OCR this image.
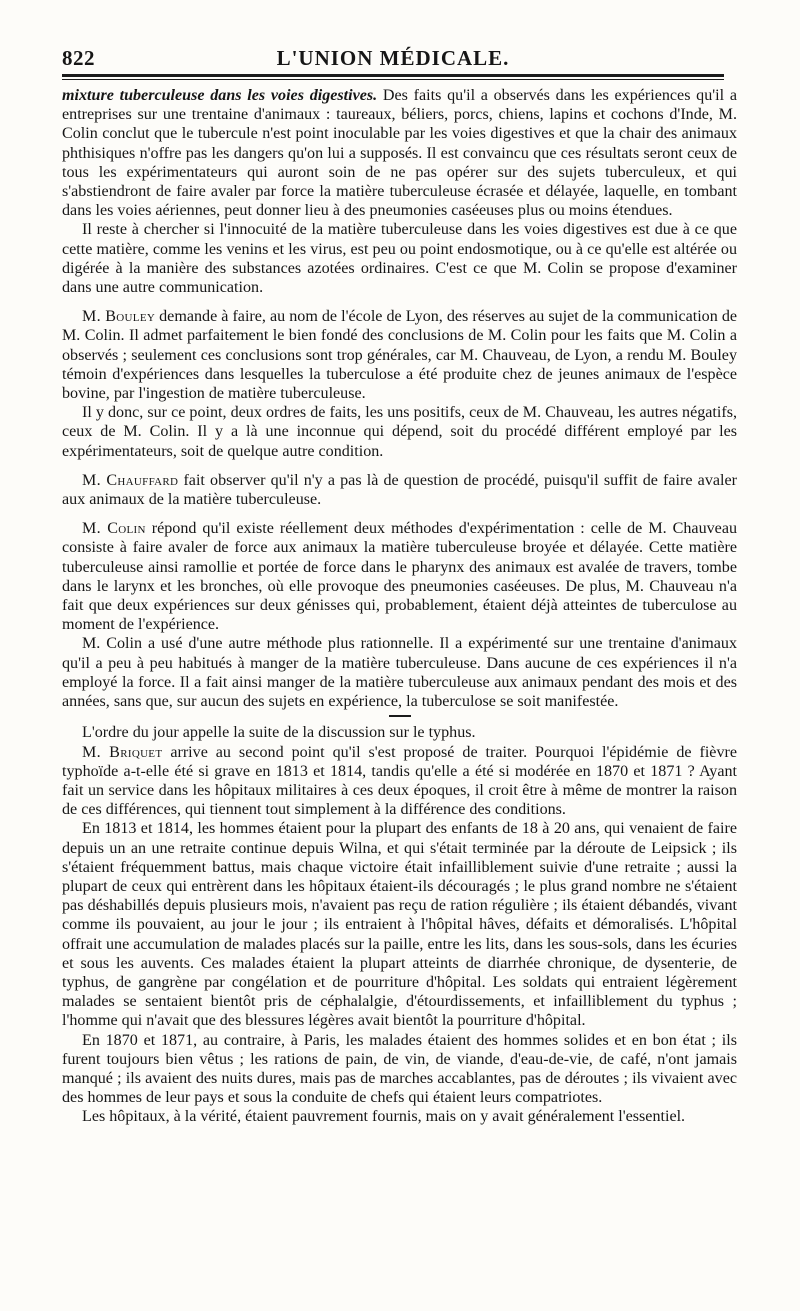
822	L'UNION MÉDICALE.

mixture tuberculeuse dans les voies digestives. Des faits qu'il a observés dans les expériences qu'il a entreprises sur une trentaine d'animaux : taureaux, béliers, porcs, chiens, lapins et cochons d'Inde, M. Colin conclut que le tubercule n'est point inoculable par les voies digestives et que la chair des animaux phthisiques n'offre pas les dangers qu'on lui a supposés. Il est convaincu que ces résultats seront ceux de tous les expérimentateurs qui auront soin de ne pas opérer sur des sujets tuberculeux, et qui s'abstiendront de faire avaler par force la matière tuberculeuse écrasée et délayée, laquelle, en tombant dans les voies aériennes, peut donner lieu à des pneumonies caséeuses plus ou moins étendues.

Il reste à chercher si l'innocuité de la matière tuberculeuse dans les voies digestives est due à ce que cette matière, comme les venins et les virus, est peu ou point endosmotique, ou à ce qu'elle est altérée ou digérée à la manière des substances azotées ordinaires. C'est ce que M. Colin se propose d'examiner dans une autre communication.

M. Bouley demande à faire, au nom de l'école de Lyon, des réserves au sujet de la communication de M. Colin. Il admet parfaitement le bien fondé des conclusions de M. Colin pour les faits que M. Colin a observés ; seulement ces conclusions sont trop générales, car M. Chauveau, de Lyon, a rendu M. Bouley témoin d'expériences dans lesquelles la tuberculose a été produite chez de jeunes animaux de l'espèce bovine, par l'ingestion de matière tuberculeuse.

Il y donc, sur ce point, deux ordres de faits, les uns positifs, ceux de M. Chauveau, les autres négatifs, ceux de M. Colin. Il y a là une inconnue qui dépend, soit du procédé différent employé par les expérimentateurs, soit de quelque autre condition.

M. Chauffard fait observer qu'il n'y a pas là de question de procédé, puisqu'il suffit de faire avaler aux animaux de la matière tuberculeuse.

M. Colin répond qu'il existe réellement deux méthodes d'expérimentation : celle de M. Chauveau consiste à faire avaler de force aux animaux la matière tuberculeuse broyée et délayée. Cette matière tuberculeuse ainsi ramollie et portée de force dans le pharynx des animaux est avalée de travers, tombe dans le larynx et les bronches, où elle provoque des pneumonies caséeuses. De plus, M. Chauveau n'a fait que deux expériences sur deux génisses qui, probablement, étaient déjà atteintes de tuberculose au moment de l'expérience.

M. Colin a usé d'une autre méthode plus rationnelle. Il a expérimenté sur une trentaine d'animaux qu'il a peu à peu habitués à manger de la matière tuberculeuse. Dans aucune de ces expériences il n'a employé la force. Il a fait ainsi manger de la matière tuberculeuse aux animaux pendant des mois et des années, sans que, sur aucun des sujets en expérience, la tuberculose se soit manifestée.

L'ordre du jour appelle la suite de la discussion sur le typhus.

M. Briquet arrive au second point qu'il s'est proposé de traiter. Pourquoi l'épidémie de fièvre typhoïde a-t-elle été si grave en 1813 et 1814, tandis qu'elle a été si modérée en 1870 et 1871 ? Ayant fait un service dans les hôpitaux militaires à ces deux époques, il croit être à même de montrer la raison de ces différences, qui tiennent tout simplement à la différence des conditions.

En 1813 et 1814, les hommes étaient pour la plupart des enfants de 18 à 20 ans, qui venaient de faire depuis un an une retraite continue depuis Wilna, et qui s'était terminée par la déroute de Leipsick ; ils s'étaient fréquemment battus, mais chaque victoire était infailliblement suivie d'une retraite ; aussi la plupart de ceux qui entrèrent dans les hôpitaux étaient-ils découragés ; le plus grand nombre ne s'étaient pas déshabillés depuis plusieurs mois, n'avaient pas reçu de ration régulière ; ils étaient débandés, vivant comme ils pouvaient, au jour le jour ; ils entraient à l'hôpital hâves, défaits et démoralisés. L'hôpital offrait une accumulation de malades placés sur la paille, entre les lits, dans les sous-sols, dans les écuries et sous les auvents. Ces malades étaient la plupart atteints de diarrhée chronique, de dysenterie, de typhus, de gangrène par congélation et de pourriture d'hôpital. Les soldats qui entraient légèrement malades se sentaient bientôt pris de céphalalgie, d'étourdissements, et infailliblement du typhus ; l'homme qui n'avait que des blessures légères avait bientôt la pourriture d'hôpital.

En 1870 et 1871, au contraire, à Paris, les malades étaient des hommes solides et en bon état ; ils furent toujours bien vêtus ; les rations de pain, de vin, de viande, d'eau-de-vie, de café, n'ont jamais manqué ; ils avaient des nuits dures, mais pas de marches accablantes, pas de déroutes ; ils vivaient avec des hommes de leur pays et sous la conduite de chefs qui étaient leurs compatriotes.

Les hôpitaux, à la vérité, étaient pauvrement fournis, mais on y avait généralement l'essentiel.
